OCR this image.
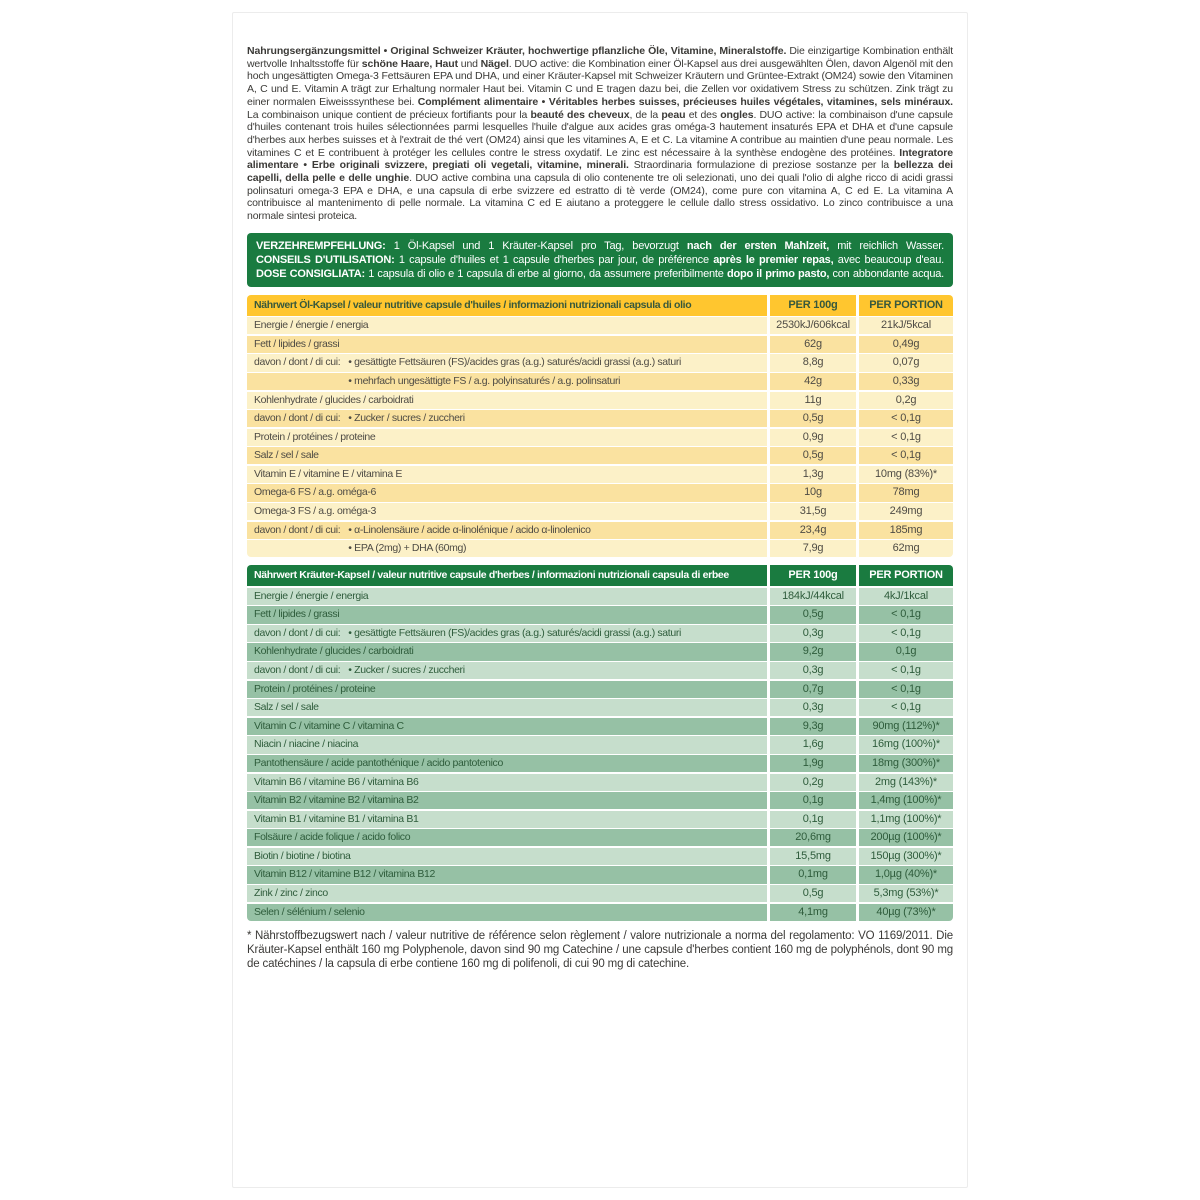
Nahrungsergänzungsmittel • Original Schweizer Kräuter, hochwertige pflanzliche Öle, Vitamine, Mineralstoffe. Die einzigartige Kombination enthält wertvolle Inhaltsstoffe für schöne Haare, Haut und Nägel. DUO active: die Kombination einer Öl-Kapsel aus drei ausgewählten Ölen, davon Algenöl mit den hoch ungesättigten Omega-3 Fettsäuren EPA und DHA, und einer Kräuter-Kapsel mit Schweizer Kräutern und Grüntee-Extrakt (OM24) sowie den Vitaminen A, C und E. Vitamin A trägt zur Erhaltung normaler Haut bei. Vitamin C und E tragen dazu bei, die Zellen vor oxidativem Stress zu schützen. Zink trägt zu einer normalen Eiweisssynthese bei. Complément alimentaire • Véritables herbes suisses, précieuses huiles végétales, vitamines, sels minéraux. La combinaison unique contient de précieux fortifiants pour la beauté des cheveux, de la peau et des ongles. DUO active: la combinaison d'une capsule d'huiles contenant trois huiles sélectionnées parmi lesquelles l'huile d'algue aux acides gras oméga-3 hautement insaturés EPA et DHA et d'une capsule d'herbes aux herbes suisses et à l'extrait de thé vert (OM24) ainsi que les vitamines A, E et C. La vitamine A contribue au maintien d'une peau normale. Les vitamines C et E contribuent à protéger les cellules contre le stress oxydatif. Le zinc est nécessaire à la synthèse endogène des protéines. Integratore alimentare • Erbe originali svizzere, pregiati oli vegetali, vitamine, minerali. Straordinaria formulazione di preziose sostanze per la bellezza dei capelli, della pelle e delle unghie. DUO active combina una capsula di olio contenente tre oli selezionati, uno dei quali l'olio di alghe ricco di acidi grassi polinsaturi omega-3 EPA e DHA, e una capsula di erbe svizzere ed estratto di tè verde (OM24), come pure con vitamina A, C ed E. La vitamina A contribuisce al mantenimento di pelle normale. La vitamina C ed E aiutano a proteggere le cellule dallo stress ossidativo. Lo zinco contribuisce a una normale sintesi proteica.

VERZEHREMPFEHLUNG: 1 Öl-Kapsel und 1 Kräuter-Kapsel pro Tag, bevorzugt nach der ersten Mahlzeit, mit reichlich Wasser.
CONSEILS D'UTILISATION: 1 capsule d'huiles et 1 capsule d'herbes par jour, de préférence après le premier repas, avec beaucoup d'eau.
DOSE CONSIGLIATA: 1 capsula di olio e 1 capsula di erbe al giorno, da assumere preferibilmente dopo il primo pasto, con abbondante acqua.
Nährwert Öl-Kapsel / valeur nutritive capsule d'huiles / informazioni nutrizionali capsula di olio	PER 100g	PER PORTION
Energie / énergie / energia	2530kJ/606kcal	21kJ/5kcal
Fett / lipides / grassi	62g	0,49g
davon / dont / di cui: • gesättigte Fettsäuren (FS)/acides gras (a.g.) saturés/acidi grassi (a.g.) saturi	8,8g	0,07g
• mehrfach ungesättigte FS / a.g. polyinsaturés / a.g. polinsaturi	42g	0,33g
Kohlenhydrate / glucides / carboidrati	11g	0,2g
davon / dont / di cui: • Zucker / sucres / zuccheri	0,5g	< 0,1g
Protein / protéines / proteine	0,9g	< 0,1g
Salz / sel / sale	0,5g	< 0,1g
Vitamin E / vitamine E / vitamina E	1,3g	10mg (83%)*
Omega-6 FS / a.g. oméga-6	10g	78mg
Omega-3 FS / a.g. oméga-3	31,5g	249mg
davon / dont / di cui: • α-Linolensäure / acide α-linolénique / acido α-linolenico	23,4g	185mg
• EPA (2mg) + DHA (60mg)	7,9g	62mg
Nährwert Kräuter-Kapsel / valeur nutritive capsule d'herbes / informazioni nutrizionali capsula di erbee	PER 100g	PER PORTION
Energie / énergie / energia	184kJ/44kcal	4kJ/1kcal
Fett / lipides / grassi	0,5g	< 0,1g
davon / dont / di cui: • gesättigte Fettsäuren (FS)/acides gras (a.g.) saturés/acidi grassi (a.g.) saturi	0,3g	< 0,1g
Kohlenhydrate / glucides / carboidrati	9,2g	0,1g
davon / dont / di cui: • Zucker / sucres / zuccheri	0,3g	< 0,1g
Protein / protéines / proteine	0,7g	< 0,1g
Salz / sel / sale	0,3g	< 0,1g
Vitamin C / vitamine C / vitamina C	9,3g	90mg (112%)*
Niacin / niacine / niacina	1,6g	16mg (100%)*
Pantothensäure / acide pantothénique / acido pantotenico	1,9g	18mg (300%)*
Vitamin B6 / vitamine B6 / vitamina B6	0,2g	2mg (143%)*
Vitamin B2 / vitamine B2 / vitamina B2	0,1g	1,4mg (100%)*
Vitamin B1 / vitamine B1 / vitamina B1	0,1g	1,1mg (100%)*
Folsäure / acide folique / acido folico	20,6mg	200µg (100%)*
Biotin / biotine / biotina	15,5mg	150µg (300%)*
Vitamin B12 / vitamine B12 / vitamina B12	0,1mg	1,0µg (40%)*
Zink / zinc / zinco	0,5g	5,3mg (53%)*
Selen / sélénium / selenio	4,1mg	40µg (73%)*

* Nährstoffbezugswert nach / valeur nutritive de référence selon règlement / valore nutrizionale a norma del regolamento: VO 1169/2011. Die Kräuter-Kapsel enthält 160 mg Polyphenole, davon sind 90 mg Catechine / une capsule d'herbes contient 160 mg de polyphénols, dont 90 mg de catéchines / la capsula di erbe contiene 160 mg di polifenoli, di cui 90 mg di catechine.
